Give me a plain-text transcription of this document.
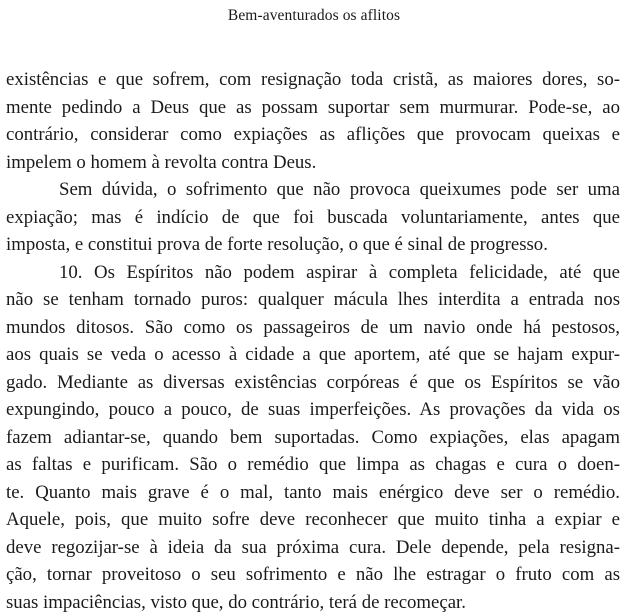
Bem-aventurados os aflitos
existências e que sofrem, com resignação toda cristã, as maiores dores, so-
mente pedindo a Deus que as possam suportar sem murmurar. Pode-se, ao
contrário, considerar como expiações as aflições que provocam queixas e
impelem o homem à revolta contra Deus.
Sem dúvida, o sofrimento que não provoca queixumes pode ser uma
expiação; mas é indício de que foi buscada voluntariamente, antes que
imposta, e constitui prova de forte resolução, o que é sinal de progresso.
10. Os Espíritos não podem aspirar à completa felicidade, até que
não se tenham tornado puros: qualquer mácula lhes interdita a entrada nos
mundos ditosos. São como os passageiros de um navio onde há pestosos,
aos quais se veda o acesso à cidade a que aportem, até que se hajam expur-
gado. Mediante as diversas existências corpóreas é que os Espíritos se vão
expungindo, pouco a pouco, de suas imperfeições. As provações da vida os
fazem adiantar-se, quando bem suportadas. Como expiações, elas apagam
as faltas e purificam. São o remédio que limpa as chagas e cura o doen-
te. Quanto mais grave é o mal, tanto mais enérgico deve ser o remédio.
Aquele, pois, que muito sofre deve reconhecer que muito tinha a expiar e
deve regozijar-se à ideia da sua próxima cura. Dele depende, pela resigna-
ção, tornar proveitoso o seu sofrimento e não lhe estragar o fruto com as
suas impaciências, visto que, do contrário, terá de recomeçar.
